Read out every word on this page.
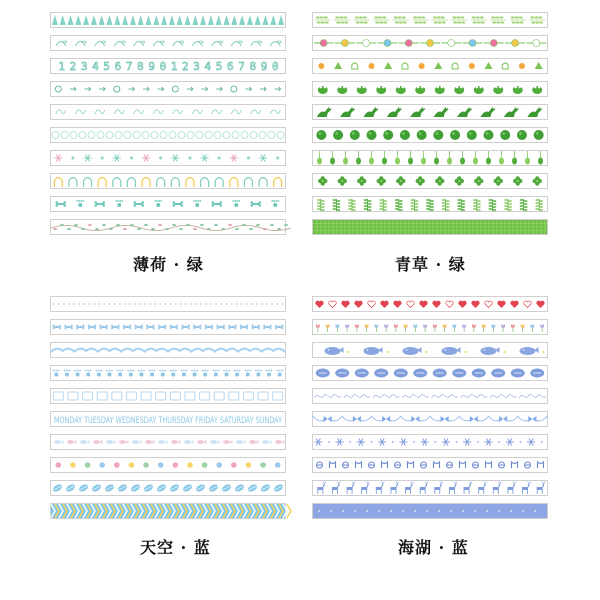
1 2 3 4 5 6 7 8 9 0 1 2 3 4 5 6 7 8 9 0
薄荷 · 绿	青草 · 绿
MONDAY TUESDAY WEDNESDAY THURSDAY FRIDAY SATURDAY SUNDAY
天空 · 蓝	海湖 · 蓝
